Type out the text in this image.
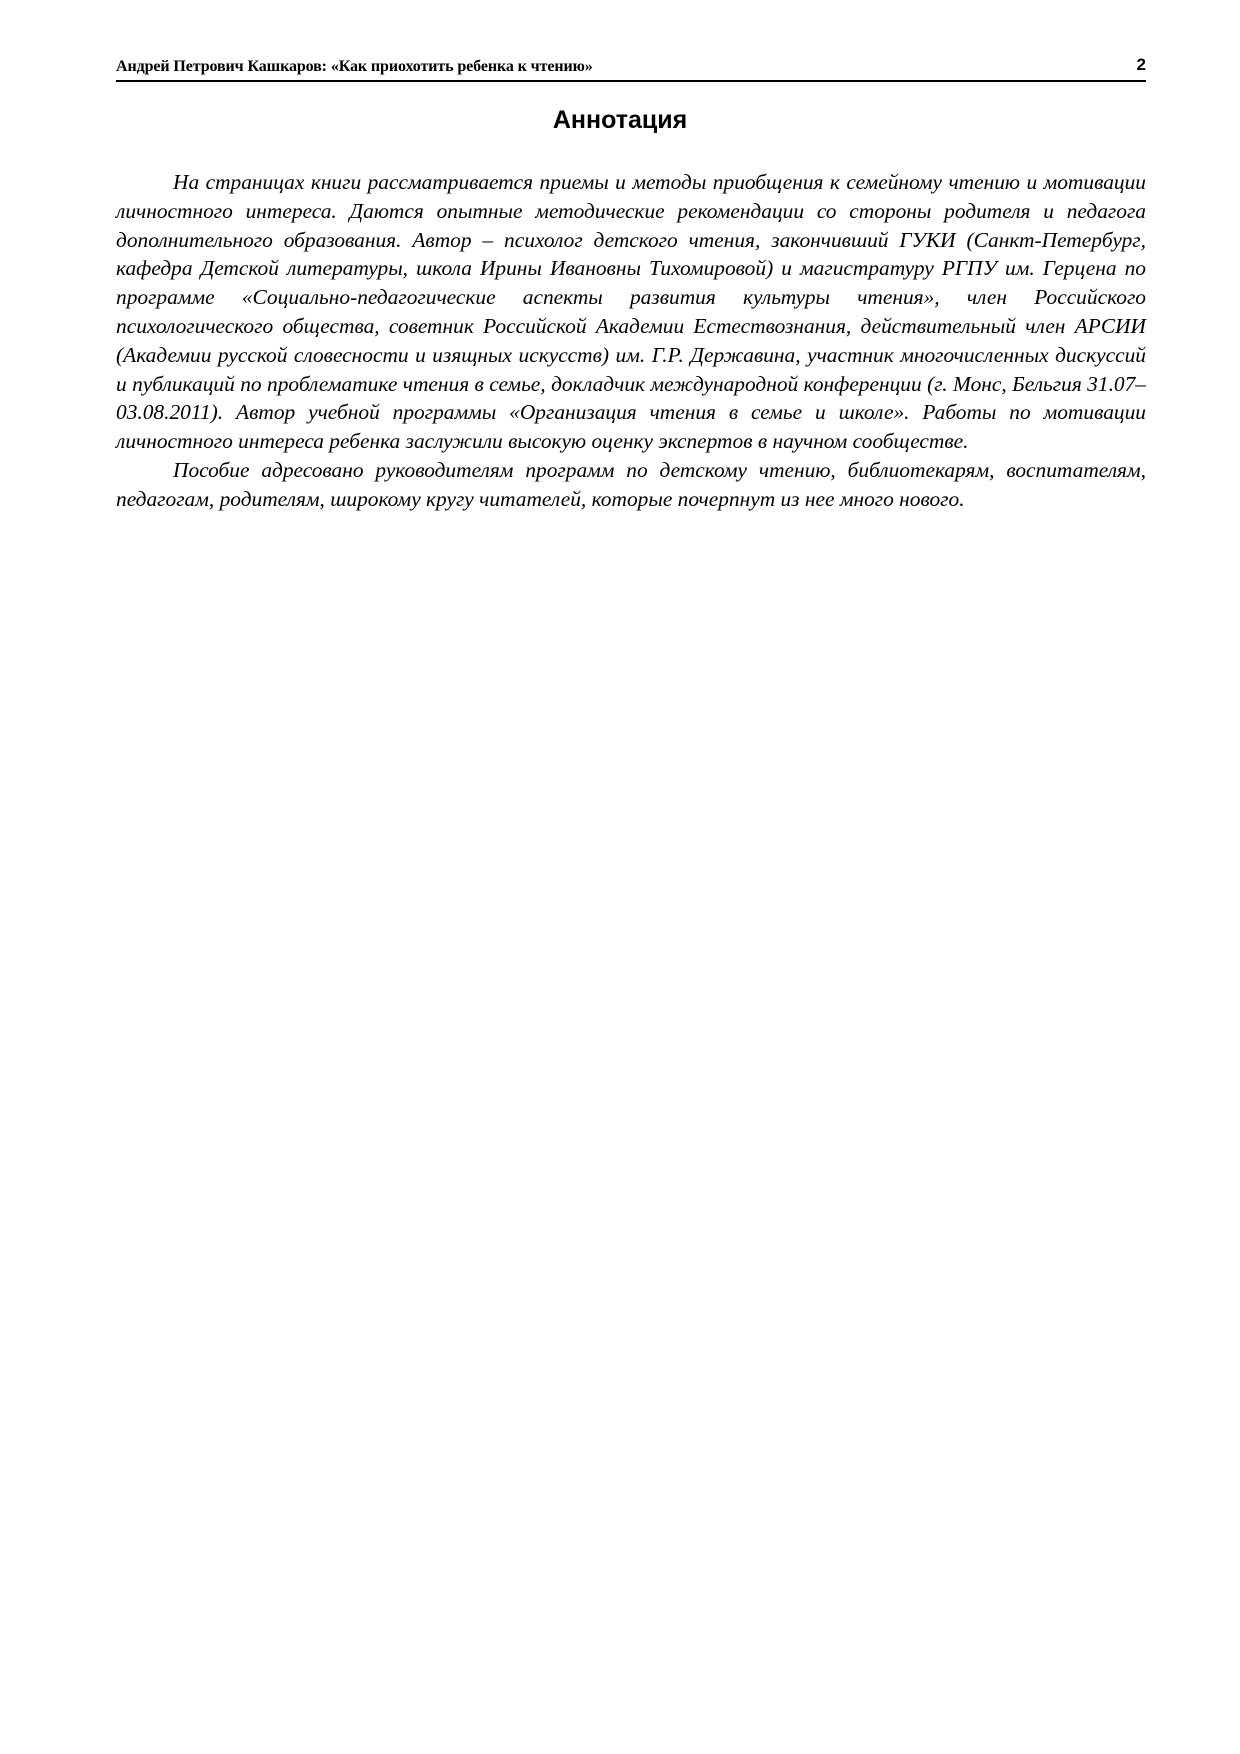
Андрей Петрович Кашкаров: «Как приохотить ребенка к чтению»	2
Аннотация

На страницах книги рассматривается приемы и методы приобщения к семейному чтению и мотивации личностного интереса. Даются опытные методические рекомендации со стороны родителя и педагога дополнительного образования. Автор – психолог детского чтения, закончивший ГУКИ (Санкт-Петербург, кафедра Детской литературы, школа Ирины Ивановны Тихомировой) и магистратуру РГПУ им. Герцена по программе «Социально-педагогические аспекты развития культуры чтения», член Российского психологического общества, советник Российской Академии Естествознания, действительный член АРСИИ (Академии русской словесности и изящных искусств) им. Г.Р. Державина, участник многочисленных дискуссий и публикаций по проблематике чтения в семье, докладчик международной конференции (г. Монс, Бельгия 31.07–03.08.2011). Автор учебной программы «Организация чтения в семье и школе». Работы по мотивации личностного интереса ребенка заслужили высокую оценку экспертов в научном сообществе.

Пособие адресовано руководителям программ по детскому чтению, библиотекарям, воспитателям, педагогам, родителям, широкому кругу читателей, которые почерпнут из нее много нового.
